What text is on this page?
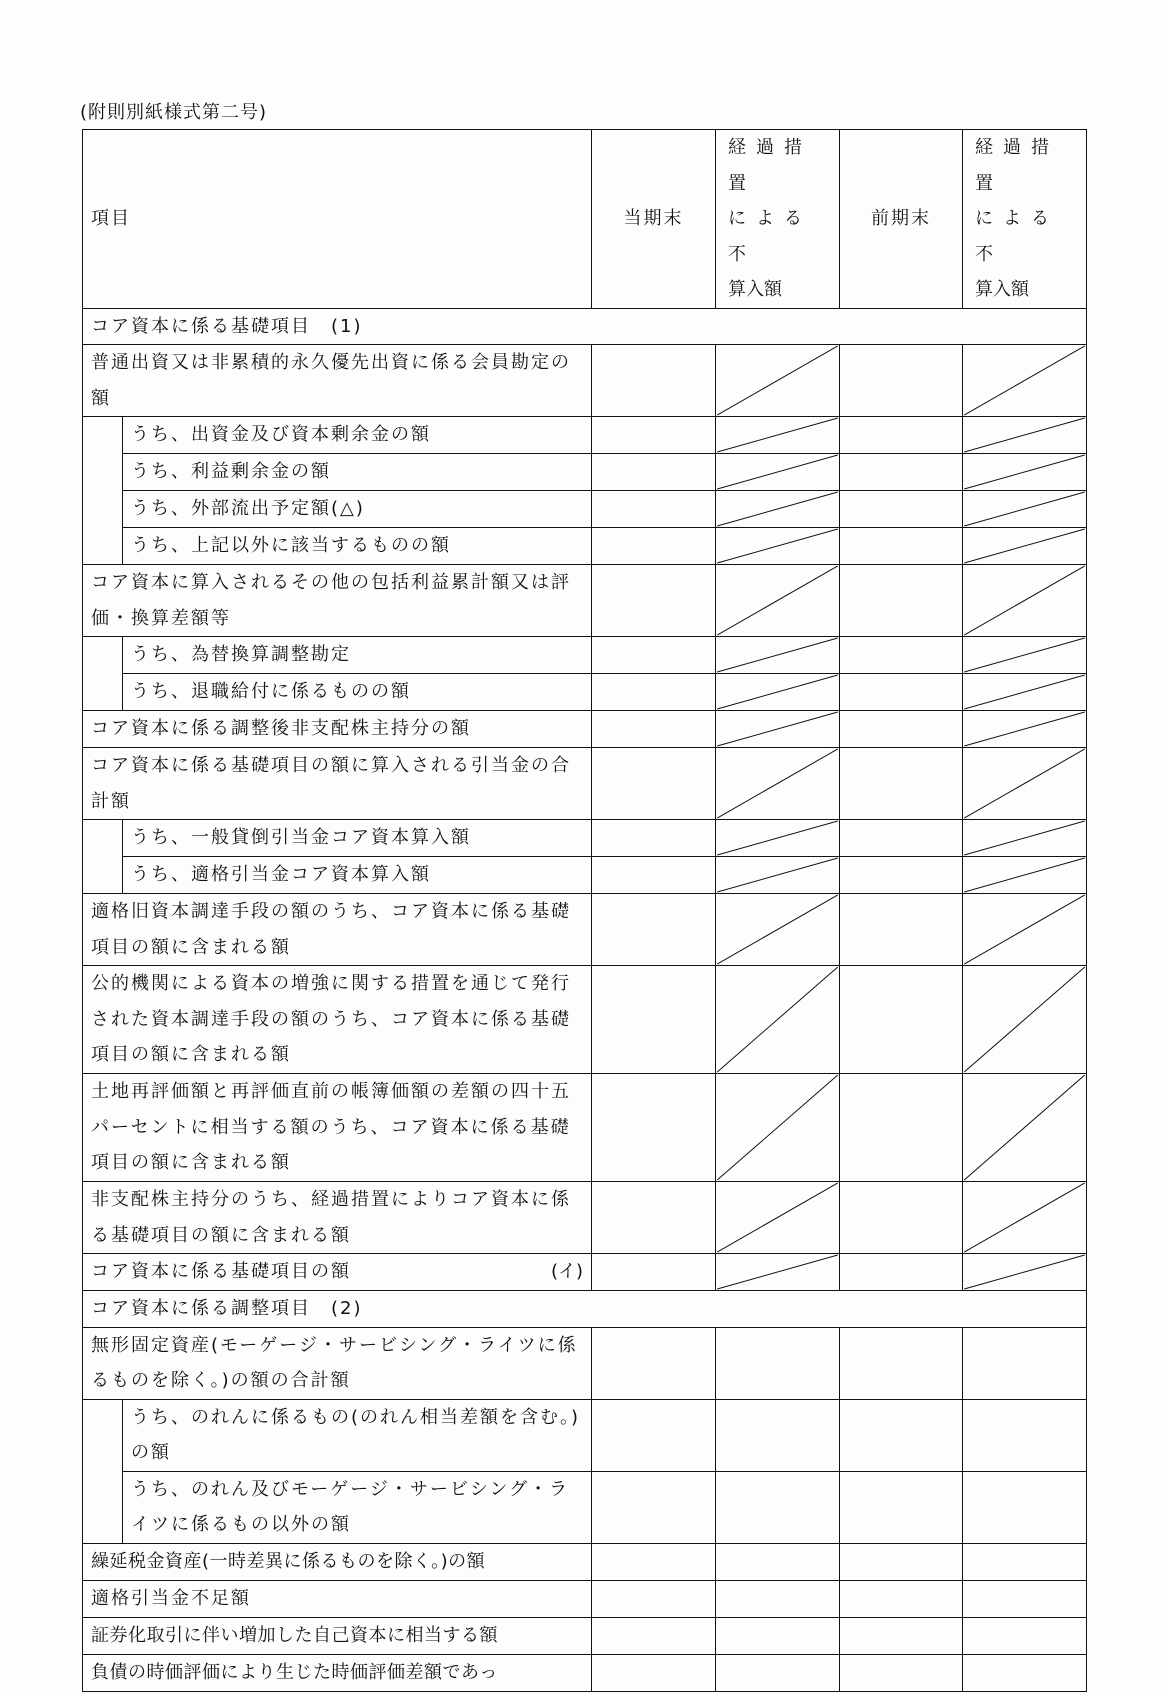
(附則別紙様式第二号)
項目	当期末	
経過措置
による不
算入額
	前期末	
経過措置
による不
算入額

コア資本に係る基礎項目　(1)					
普通出資又は非累積的永久優先出資に係る会員勘定の額		

	うち、出資金及び資本剰余金の額		

	うち、利益剰余金の額		

	うち、外部流出予定額(△)		

	うち、上記以外に該当するものの額		

コア資本に算入されるその他の包括利益累計額又は評価・換算差額等		

	うち、為替換算調整勘定		

	うち、退職給付に係るものの額		

コア資本に係る調整後非支配株主持分の額		

コア資本に係る基礎項目の額に算入される引当金の合計額		

	うち、一般貸倒引当金コア資本算入額		

	うち、適格引当金コア資本算入額		

適格旧資本調達手段の額のうち、コア資本に係る基礎項目の額に含まれる額		

公的機関による資本の増強に関する措置を通じて発行された資本調達手段の額のうち、コア資本に係る基礎項目の額に含まれる額		

土地再評価額と再評価直前の帳簿価額の差額の四十五パーセントに相当する額のうち、コア資本に係る基礎項目の額に含まれる額		

非支配株主持分のうち、経過措置によりコア資本に係る基礎項目の額に含まれる額		

コア資本に係る基礎項目の額 (イ)

コア資本に係る調整項目　(2)					
無形固定資産(モーゲージ・サービシング・ライツに係るものを除く。)の額の合計額					
	うち、のれんに係るもの(のれん相当差額を含む。)の額				
	うち、のれん及びモーゲージ・サービシング・ライツに係るもの以外の額				
繰延税金資産(一時差異に係るものを除く。)の額					
適格引当金不足額					
証券化取引に伴い増加した自己資本に相当する額					
負債の時価評価により生じた時価評価差額であっ					
